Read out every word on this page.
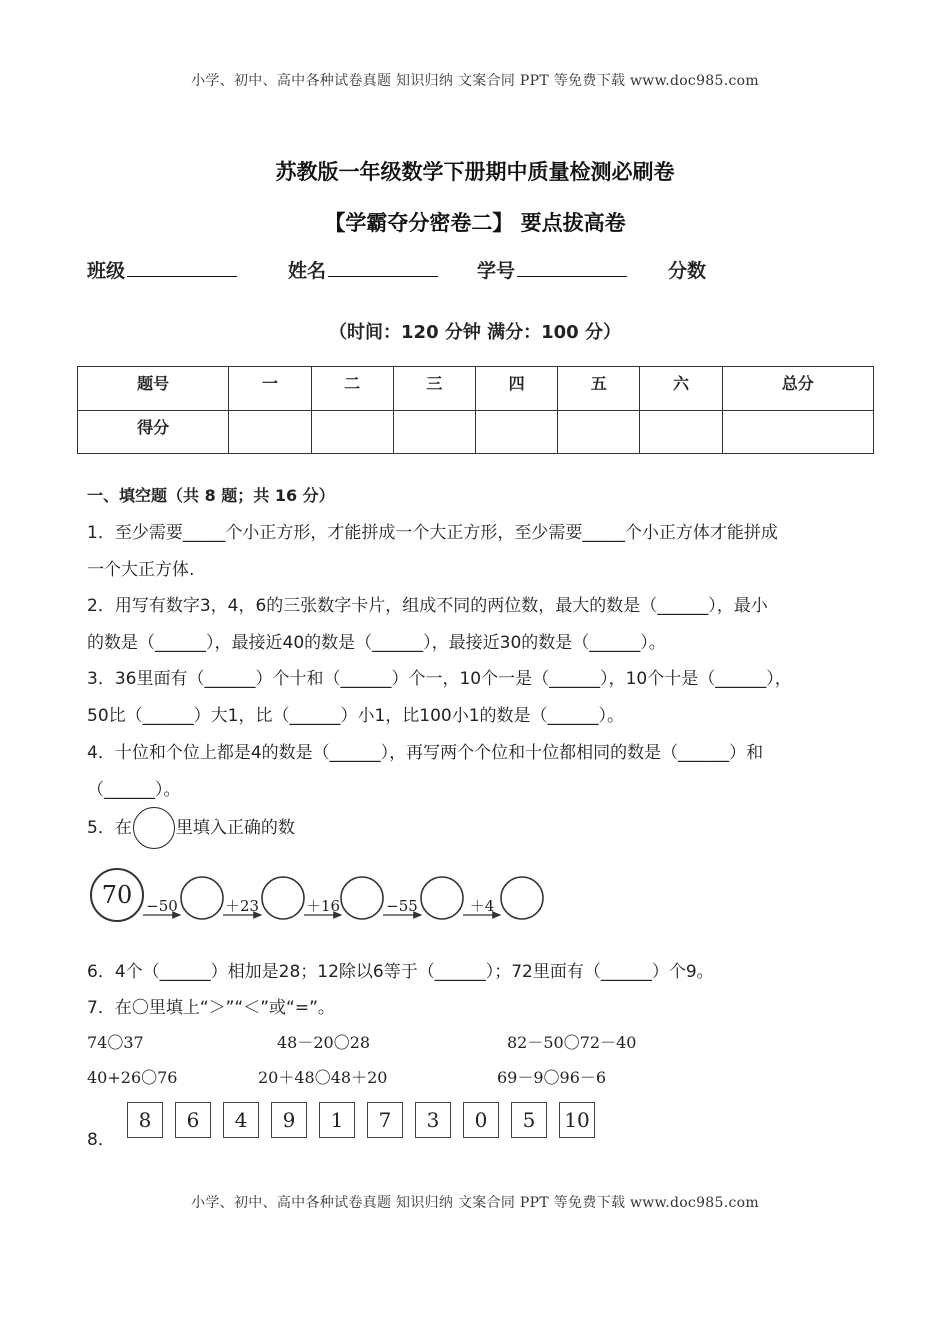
小学、初中、高中各种试卷真题 知识归纳 文案合同 PPT 等免费下载 www.doc985.com
苏教版一年级数学下册期中质量检测必刷卷
【学霸夺分密卷二】 要点拔高卷
班级	姓名	学号	分数
（时间：120 分钟 满分：100 分）
题号	一	二	三	四	五	六	总分
得分							
一、填空题（共 8 题；共 16 分）
1．至少需要_____个小正方形，才能拼成一个大正方形，至少需要_____个小正方体才能拼成
一个大正方体.
2．用写有数字3，4，6的三张数字卡片，组成不同的两位数，最大的数是（______），最小
的数是（______），最接近40的数是（______），最接近30的数是（______）。
3．36里面有（______）个十和（______）个一，10个一是（______），10个十是（______），
50比（______）大1，比（______）小1，比100小1的数是（______）。
4．十位和个位上都是4的数是（______），再写两个个位和十位都相同的数是（______）和
（______）。
5．在	里填入正确的数
70 −50	＋23	＋16	−55	＋4
6．4个（______）相加是28；12除以6等于（______）；72里面有（______）个9。
7．在〇里填上“＞”“＜”或“=”。
74〇37	48－20〇28	82－50〇72－40
40+26〇76	20＋48〇48＋20	69－9〇96－6
8．
8	6	4	9	1	7	3	0	5	10
小学、初中、高中各种试卷真题 知识归纳 文案合同 PPT 等免费下载 www.doc985.com
